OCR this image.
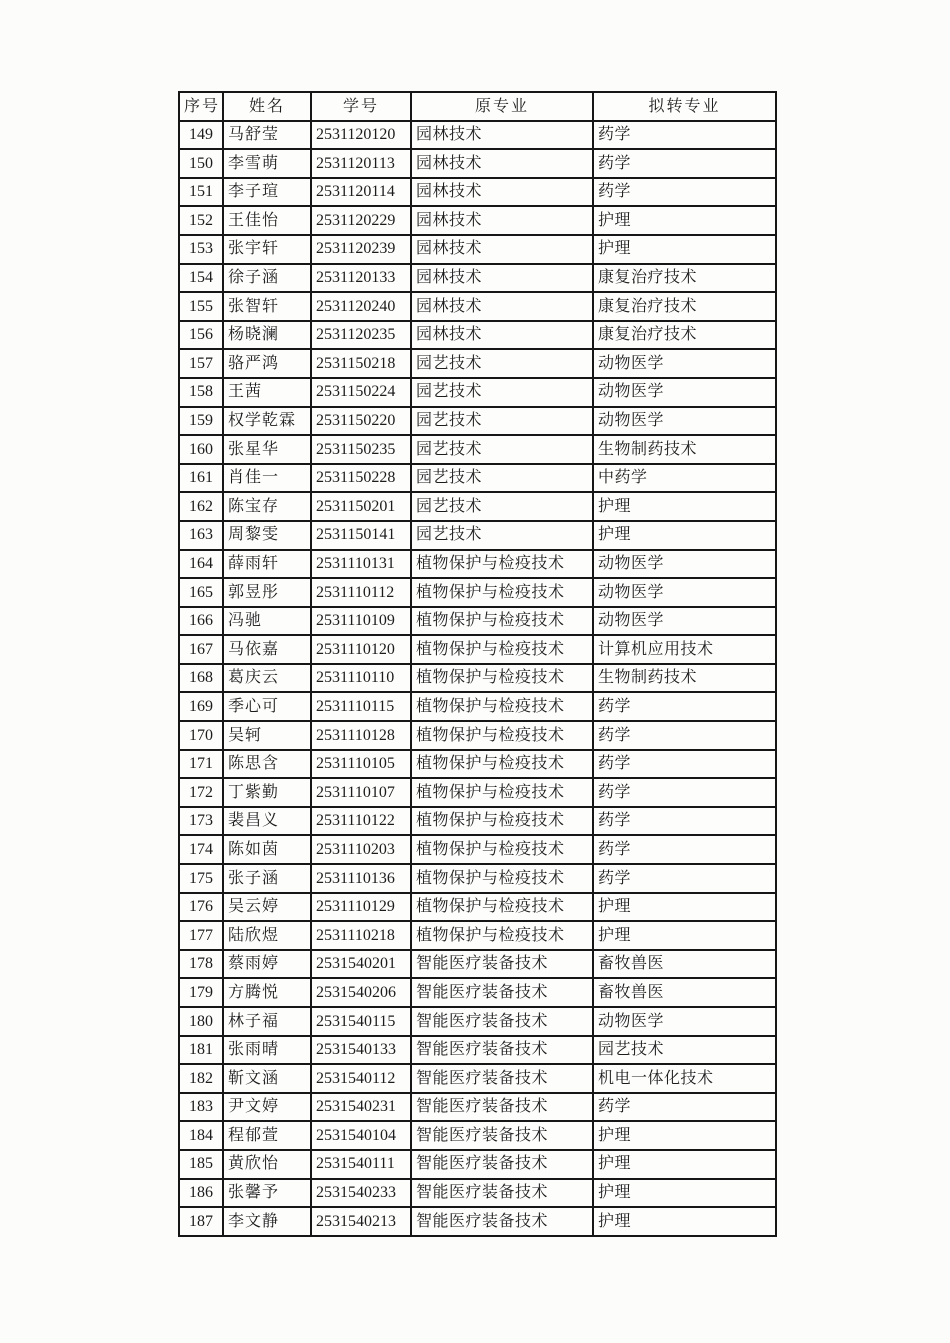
序号	姓名	学号	原专业	拟转专业
149	马舒莹	2531120120	园林技术	药学
150	李雪萌	2531120113	园林技术	药学
151	李子瑄	2531120114	园林技术	药学
152	王佳怡	2531120229	园林技术	护理
153	张宇轩	2531120239	园林技术	护理
154	徐子涵	2531120133	园林技术	康复治疗技术
155	张智轩	2531120240	园林技术	康复治疗技术
156	杨晓澜	2531120235	园林技术	康复治疗技术
157	骆严鸿	2531150218	园艺技术	动物医学
158	王茜	2531150224	园艺技术	动物医学
159	权学乾霖	2531150220	园艺技术	动物医学
160	张星华	2531150235	园艺技术	生物制药技术
161	肖佳一	2531150228	园艺技术	中药学
162	陈宝存	2531150201	园艺技术	护理
163	周黎雯	2531150141	园艺技术	护理
164	薛雨轩	2531110131	植物保护与检疫技术	动物医学
165	郭昱彤	2531110112	植物保护与检疫技术	动物医学
166	冯驰	2531110109	植物保护与检疫技术	动物医学
167	马依嘉	2531110120	植物保护与检疫技术	计算机应用技术
168	葛庆云	2531110110	植物保护与检疫技术	生物制药技术
169	季心可	2531110115	植物保护与检疫技术	药学
170	吴轲	2531110128	植物保护与检疫技术	药学
171	陈思含	2531110105	植物保护与检疫技术	药学
172	丁紫勤	2531110107	植物保护与检疫技术	药学
173	裴昌义	2531110122	植物保护与检疫技术	药学
174	陈如茵	2531110203	植物保护与检疫技术	药学
175	张子涵	2531110136	植物保护与检疫技术	药学
176	吴云婷	2531110129	植物保护与检疫技术	护理
177	陆欣煜	2531110218	植物保护与检疫技术	护理
178	蔡雨婷	2531540201	智能医疗装备技术	畜牧兽医
179	方腾悦	2531540206	智能医疗装备技术	畜牧兽医
180	林子福	2531540115	智能医疗装备技术	动物医学
181	张雨晴	2531540133	智能医疗装备技术	园艺技术
182	靳文涵	2531540112	智能医疗装备技术	机电一体化技术
183	尹文婷	2531540231	智能医疗装备技术	药学
184	程郁萱	2531540104	智能医疗装备技术	护理
185	黄欣怡	2531540111	智能医疗装备技术	护理
186	张馨予	2531540233	智能医疗装备技术	护理
187	李文静	2531540213	智能医疗装备技术	护理
